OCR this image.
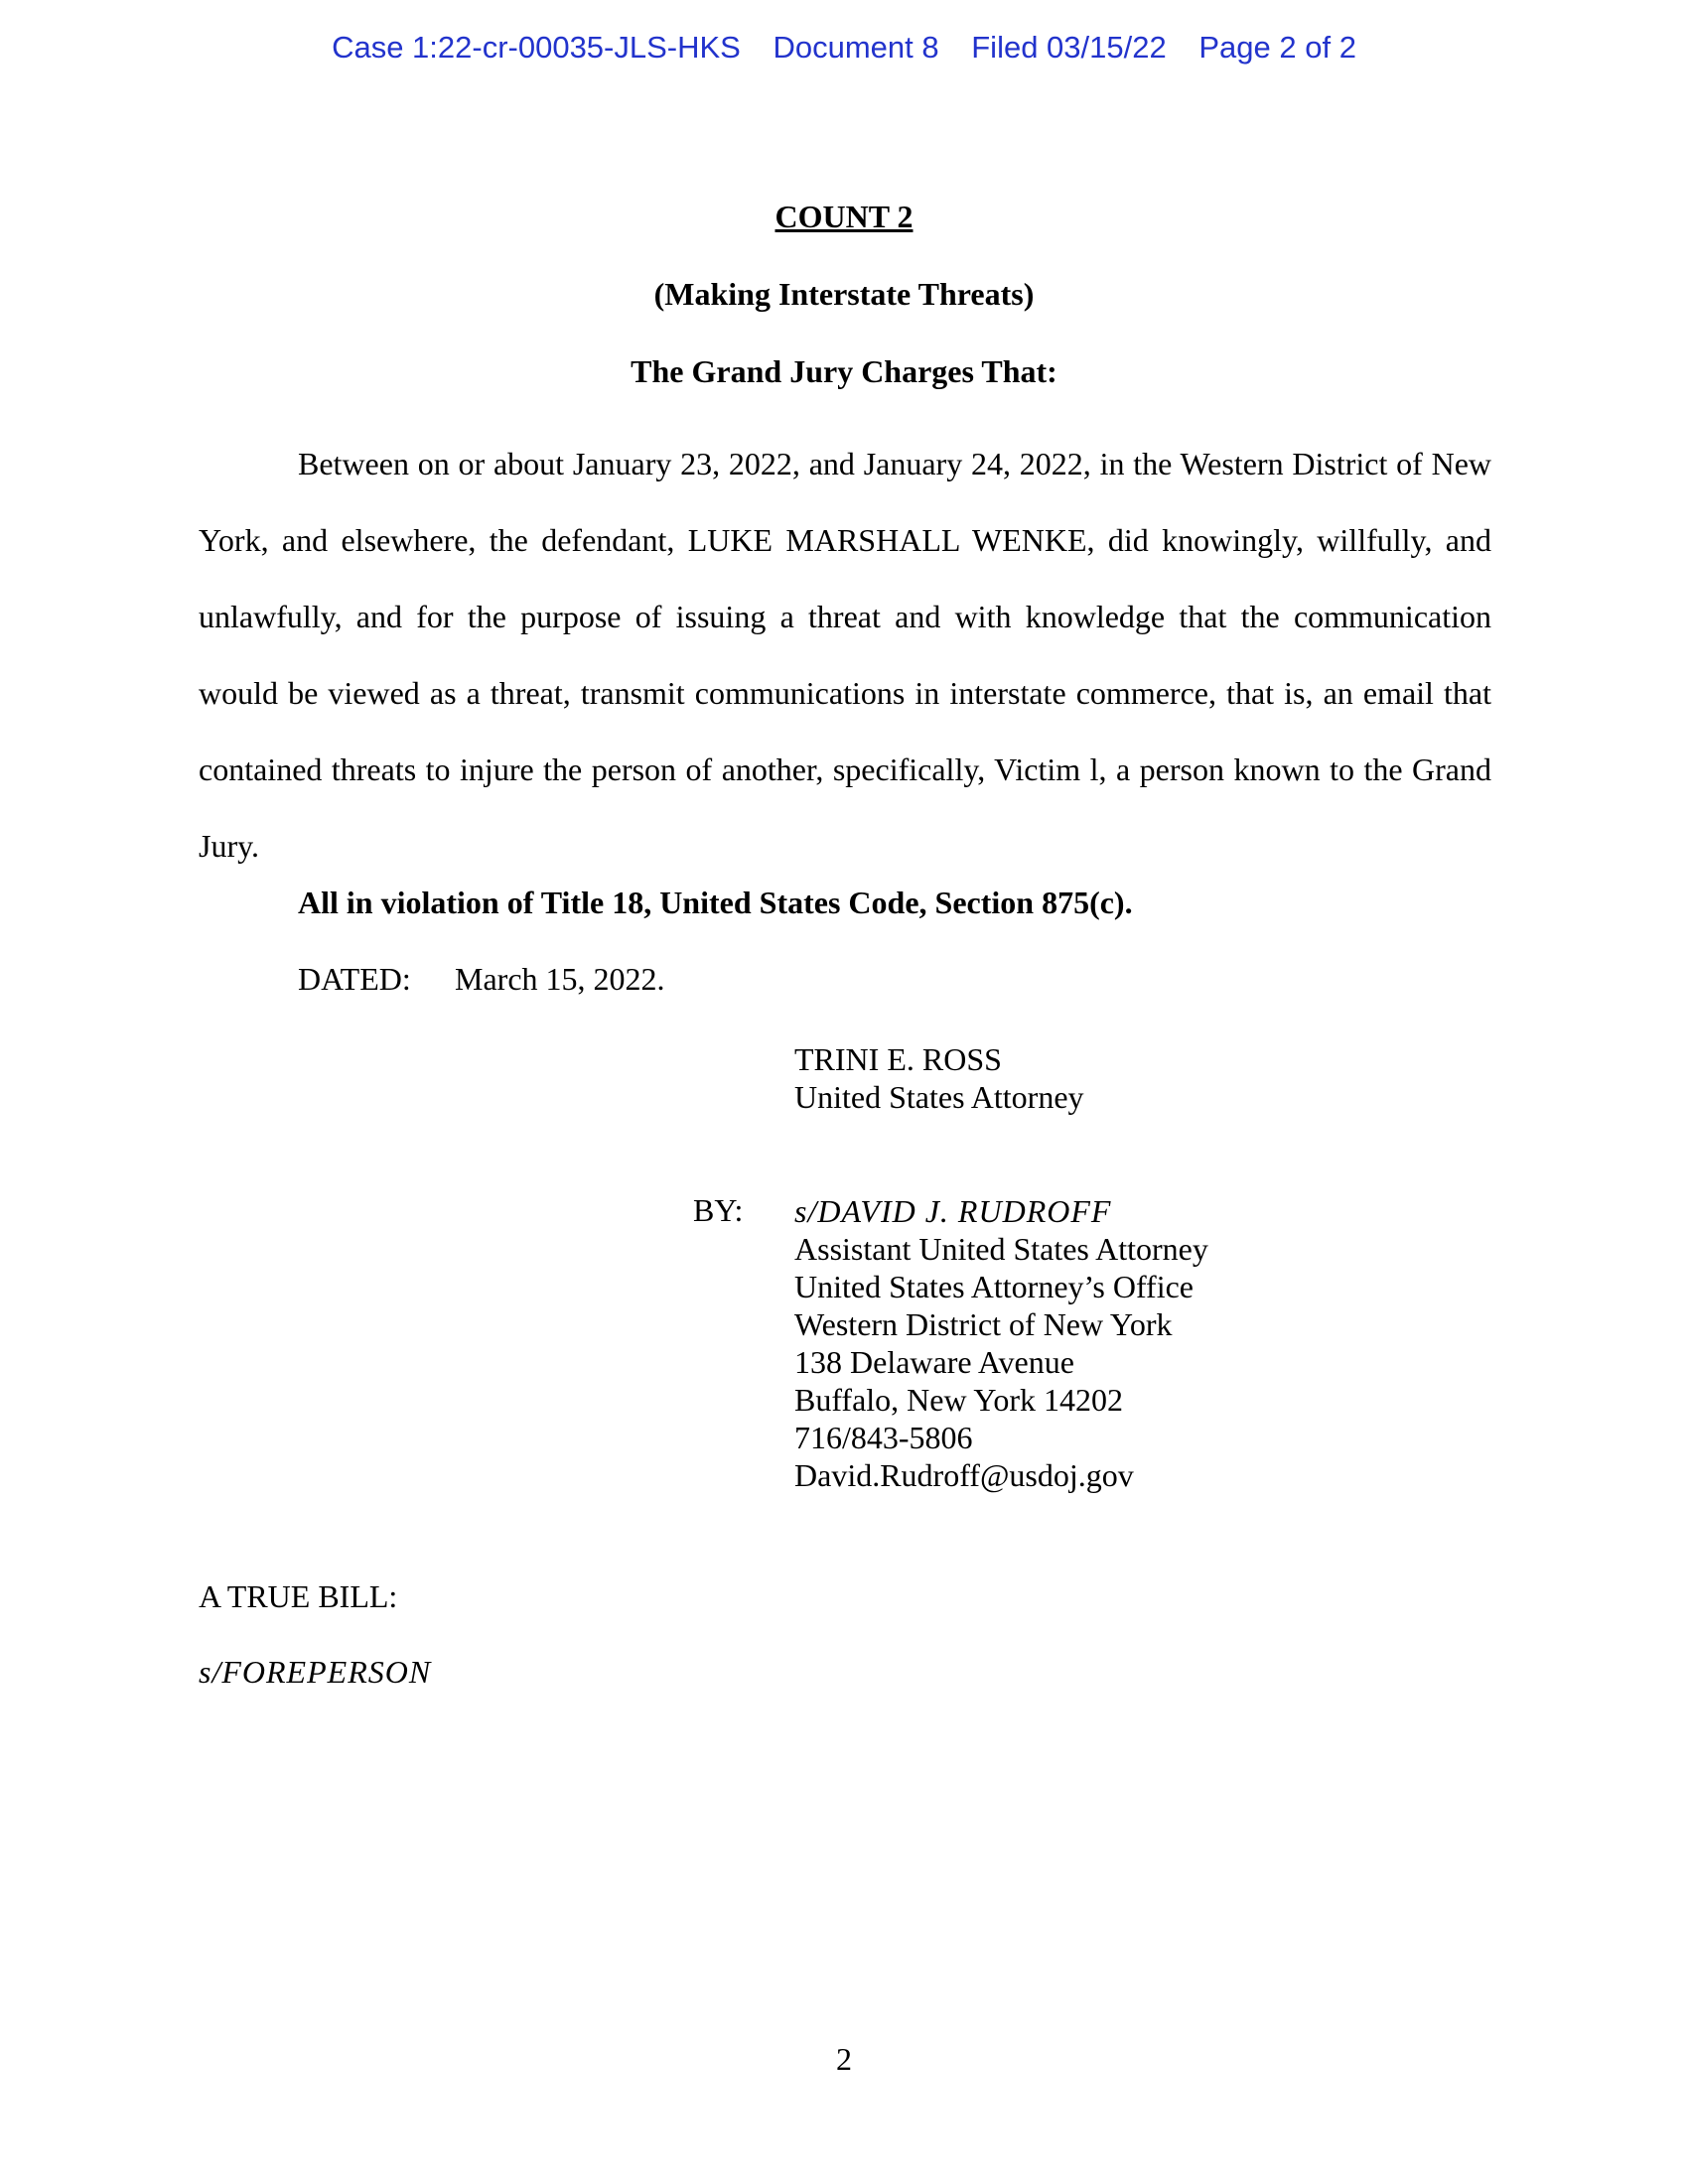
Case 1:22-cr-00035-JLS-HKS Document 8 Filed 03/15/22 Page 2 of 2
COUNT 2
(Making Interstate Threats)
The Grand Jury Charges That:

Between on or about January 23, 2022, and January 24, 2022, in the Western District of New York, and elsewhere, the defendant, LUKE MARSHALL WENKE, did knowingly, willfully, and unlawfully, and for the purpose of issuing a threat and with knowledge that the communication would be viewed as a threat, transmit communications in interstate commerce, that is, an email that contained threats to injure the person of another, specifically, Victim l, a person known to the Grand Jury.

All in violation of Title 18, United States Code, Section 875(c).
DATED: March 15, 2022.
TRINI E. ROSS
United States Attorney
BY: s/DAVID J. RUDROFF
Assistant United States Attorney
United States Attorney’s Office
Western District of New York
138 Delaware Avenue
Buffalo, New York 14202
716/843-5806
David.Rudroff@usdoj.gov
A TRUE BILL:
s/FOREPERSON
2
